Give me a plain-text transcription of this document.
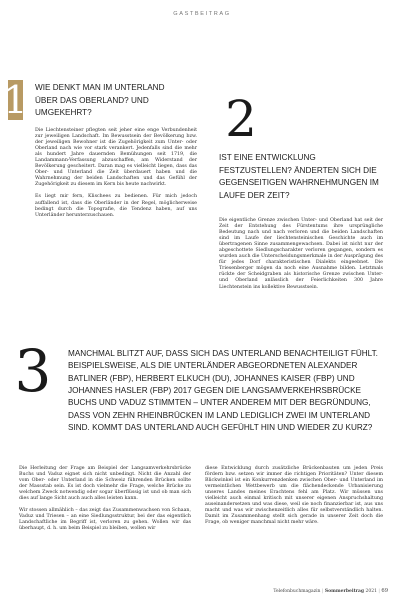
GASTBEITRAG
1 WIE DENKT MAN IM UNTERLAND ÜBER DAS OBERLAND? UND UMGEKEHRT?

Die Liechtensteiner pflegten seit jeher eine enge Verbundenheit zur jeweiligen Landschaft. Im Bewusstsein der Bevölkerung bzw. der jeweiligen Bewohner ist die Zugehörigkeit zum Unter- oder Oberland nach wie vor stark verankert. Jedenfalls sind die mehr als hundert Jahre dauernden Bemühungen seit 1719, die Landammann-Verfassung abzuschaffen, am Widerstand der Bevölkerung gescheitert. Daran mag es vielleicht liegen, dass das Ober- und Unterland die Zeit überdauert haben und die Wahrnehmung der beiden Landschaften und das Gefühl der Zugehörigkeit zu diesem im Kern bis heute nachwirkt.

Es liegt mir fern, Klischees zu bedienen. Für mich jedoch auffallend ist, dass die Oberländer in der Regel, möglicherweise bedingt durch die Topografie, die Tendenz haben, auf uns Unterländer herunterzuschauen.

2
IST EINE ENTWICKLUNG FESTZUSTELLEN? ÄNDERTEN SICH DIE GEGENSEITIGEN WAHRNEHMUNGEN IM LAUFE DER ZEIT?

Die eigentliche Grenze zwischen Unter- und Oberland hat seit der Zeit der Entstehung des Fürstentums ihre ursprüngliche Bedeutung nach und nach verloren und die beiden Landschaften sind im Laufe der liechtensteinischen Geschichte auch im übertragenen Sinne zusammengewachsen. Dabei ist nicht nur der abgeschottete Siedlungscharakter verloren gegangen, sondern es wurden auch die Unterscheidungsmerkmale in der Ausprägung des für jedes Dorf charakteristischen Dialekts eingeebnet. Die Triesenberger mögen da noch eine Ausnahme bilden. Letztmals rückte der Scheidgraben als historische Grenze zwischen Unter- und Oberland anlässlich der Feierlichkeiten 300 Jahre Liechtenstein ins kollektive Bewusstsein.

3	MANCHMAL BLITZT AUF, DASS SICH DAS UNTERLAND BENACHTEILIGT FÜHLT. BEISPIELSWEISE, ALS DIE UNTERLÄNDER ABGEORDNETEN ALEXANDER BATLINER (FBP), HERBERT ELKUCH (DU), JOHANNES KAISER (FBP) UND JOHANNES HASLER (FBP) 2017 GEGEN DIE LANGSAMVERKEHRSBRÜCKE BUCHS UND VADUZ STIMMTEN – UNTER ANDEREM MIT DER BEGRÜNDUNG, DASS VON ZEHN RHEINBRÜCKEN IM LAND LEDIGLICH ZWEI IM UNTERLAND SIND. KOMMT DAS UNTERLAND AUCH GEFÜHLT HIN UND WIEDER ZU KURZ?

Die Herleitung der Frage am Beispiel der Langsamverkehrsbrücke Buchs und Vaduz eignet sich nicht unbedingt. Nicht die Anzahl der vom Ober- oder Unterland in die Schweiz führenden Brücken sollte der Massstab sein. Es ist doch vielmehr die Frage, welche Brücke zu welchem Zweck notwendig oder sogar überflüssig ist und ob man sich dies auf lange Sicht auch auch alles leisten kann.

Wir stossen allmählich – das zeigt das Zusammenwachsen von Schaan, Vaduz und Triesen – an eine Siedlungsstruktur, bei der das eigentlich Landschaftliche im Begriff ist, verloren zu gehen. Wollen wir das überhaupt, d. h. um beim Beispiel zu bleiben, wollen wir

diese Entwicklung durch zusätzliche Brückenbauten um jeden Preis fördern bzw. setzen wir immer die richtigen Prioritäten? Unter diesem Blickwinkel ist ein Konkurrenzdenken zwischen Ober- und Unterland im vermeintlichen Wettbewerb um die flächendeckende Urbanisierung unseres Landes meines Erachtens fehl am Platz. Wir müssen uns vielleicht auch einmal kritisch mit unserer eigenen Anspruchshaltung auseinandersetzen und was diese, weil sie noch finanzierbar ist, aus uns macht und was wir zwischenzeitlich alles für selbstverständlich halten. Damit im Zusammenhang stellt sich gerade in unserer Zeit doch die Frage, ob weniger manchmal nicht mehr wäre.

Telefonbuchmagazin | Sommerbeitrag 2021 | 69
